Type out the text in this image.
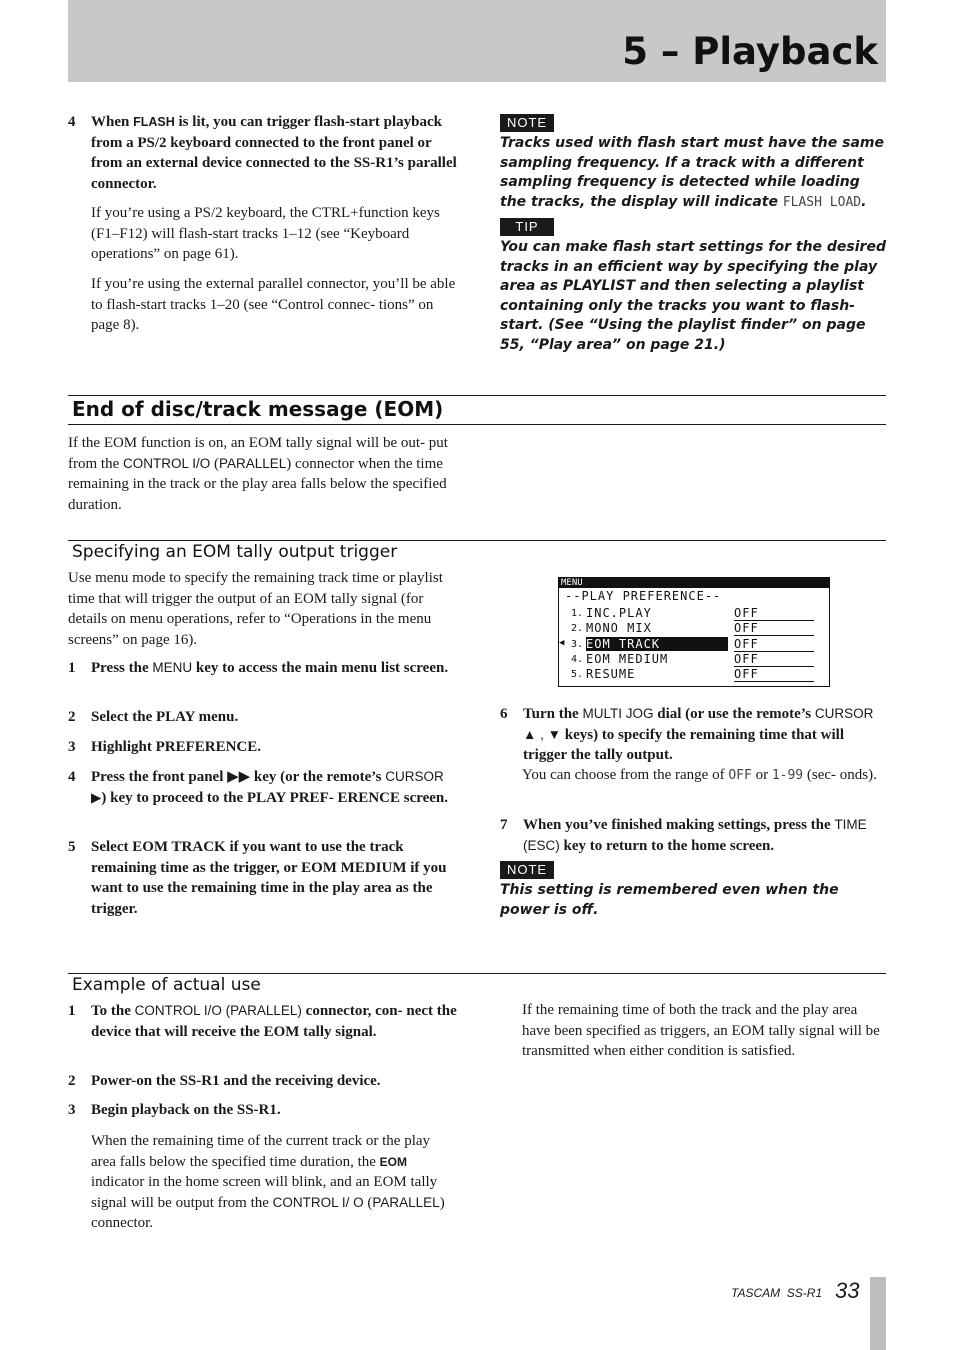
5 – Playback
4 When FLASH is lit, you can trigger flash-start playback from a PS/2 keyboard connected to the front panel or from an external device connected to the SS-R1’s parallel connector.
If you’re using a PS/2 keyboard, the CTRL+function keys (F1–F12) will flash-start tracks 1–12 (see “Keyboard operations” on page 61).
If you’re using the external parallel connector, you’ll be able to flash-start tracks 1–20 (see “Control connec- tions” on page 8).
NOTE
Tracks used with flash start must have the same sampling frequency. If a track with a different sampling frequency is detected while loading the tracks, the display will indicate FLASH LOAD.
TIP
You can make flash start settings for the desired tracks in an efficient way by specifying the play area as PLAYLIST and then selecting a playlist containing only the tracks you want to flash-start. (See “Using the playlist finder” on page 55, “Play area” on page 21.)
End of disc/track message (EOM)
If the EOM function is on, an EOM tally signal will be out- put from the CONTROL I/O (PARALLEL) connector when the time remaining in the track or the play area falls below the specified duration.
Specifying an EOM tally output trigger
Use menu mode to specify the remaining track time or playlist time that will trigger the output of an EOM tally signal (for details on menu operations, refer to “Operations in the menu screens” on page 16).
1 Press the MENU key to access the main menu list screen.
2 Select the PLAY menu.
3 Highlight PREFERENCE.
4 Press the front panel ▶▶ key (or the remote’s CURSOR ▶) key to proceed to the PLAY PREF- ERENCE screen.
5 Select EOM TRACK if you want to use the track remaining time as the trigger, or EOM MEDIUM if you want to use the remaining time in the play area as the trigger.
MENU
--PLAY PREFERENCE--
1. INC.PLAY	OFF
2. MONO MIX	OFF
◀ 3. EOM TRACK	OFF
4. EOM MEDIUM	OFF
5. RESUME	OFF
6 Turn the MULTI JOG dial (or use the remote’s CURSOR ▲ , ▼ keys) to specify the remaining time that will trigger the tally output.
You can choose from the range of OFF or 1-99 (sec- onds).
7 When you’ve finished making settings, press the TIME (ESC) key to return to the home screen.
NOTE
This setting is remembered even when the power is off.
Example of actual use
1 To the CONTROL I/O (PARALLEL) connector, con- nect the device that will receive the EOM tally signal.
2 Power-on the SS-R1 and the receiving device.
3 Begin playback on the SS-R1.
When the remaining time of the current track or the play area falls below the specified time duration, the EOM indicator in the home screen will blink, and an EOM tally signal will be output from the CONTROL I/ O (PARALLEL) connector.
If the remaining time of both the track and the play area have been specified as triggers, an EOM tally signal will be transmitted when either condition is satisfied.
TASCAM  SS-R1 33
